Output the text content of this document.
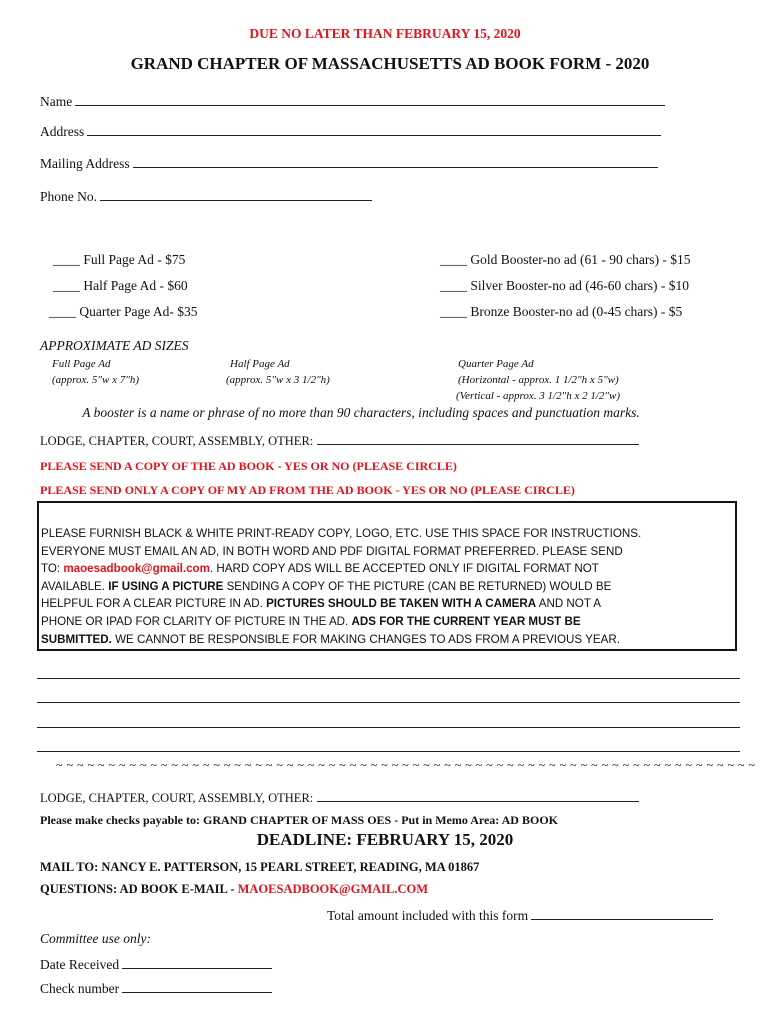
DUE NO LATER THAN FEBRUARY 15, 2020
GRAND CHAPTER OF MASSACHUSETTS AD BOOK FORM - 2020
Name
Address
Mailing Address
Phone No.
____ Full Page Ad - $75
____ Half Page Ad - $60
____ Quarter Page Ad- $35
____ Gold Booster-no ad (61 - 90 chars) - $15
____ Silver Booster-no ad (46-60 chars) - $10
____ Bronze Booster-no ad (0-45 chars) - $5
APPROXIMATE AD SIZES
Full Page Ad
(approx. 5"w x 7"h)
Half Page Ad
(approx. 5"w x 3 1/2"h)
Quarter Page Ad
(Horizontal - approx. 1 1/2"h x 5"w)
(Vertical - approx. 3 1/2"h x 2 1/2"w)
A booster is a name or phrase of no more than 90 characters, including spaces and punctuation marks.
LODGE, CHAPTER, COURT, ASSEMBLY, OTHER:
PLEASE SEND A COPY OF THE AD BOOK - YES OR NO (PLEASE CIRCLE)
PLEASE SEND ONLY A COPY OF MY AD FROM THE AD BOOK - YES OR NO (PLEASE CIRCLE)
PLEASE FURNISH BLACK & WHITE PRINT-READY COPY, LOGO, ETC. USE THIS SPACE FOR INSTRUCTIONS.
EVERYONE MUST EMAIL AN AD, IN BOTH WORD AND PDF DIGITAL FORMAT PREFERRED. PLEASE SEND
TO: maoesadbook@gmail.com. HARD COPY ADS WILL BE ACCEPTED ONLY IF DIGITAL FORMAT NOT
AVAILABLE. IF USING A PICTURE SENDING A COPY OF THE PICTURE (CAN BE RETURNED) WOULD BE
HELPFUL FOR A CLEAR PICTURE IN AD. PICTURES SHOULD BE TAKEN WITH A CAMERA AND NOT A
PHONE OR IPAD FOR CLARITY OF PICTURE IN THE AD. ADS FOR THE CURRENT YEAR MUST BE
SUBMITTED. WE CANNOT BE RESPONSIBLE FOR MAKING CHANGES TO ADS FROM A PREVIOUS YEAR.
~ ~ ~ ~ ~ ~ ~ ~ ~ ~ ~ ~ ~ ~ ~ ~ ~ ~ ~ ~ ~ ~ ~ ~ ~ ~ ~ ~ ~ ~ ~ ~ ~ ~ ~ ~ ~ ~ ~ ~ ~ ~ ~ ~ ~ ~ ~ ~ ~ ~ ~ ~ ~ ~ ~ ~ ~ ~ ~ ~ ~ ~ ~ ~ ~ ~ ~
LODGE, CHAPTER, COURT, ASSEMBLY, OTHER:
Please make checks payable to: GRAND CHAPTER OF MASS OES - Put in Memo Area: AD BOOK
DEADLINE: FEBRUARY 15, 2020
MAIL TO: NANCY E. PATTERSON, 15 PEARL STREET, READING, MA 01867
QUESTIONS: AD BOOK E-MAIL - MAOESADBOOK@GMAIL.COM
Total amount included with this form
Committee use only:
Date Received
Check number
